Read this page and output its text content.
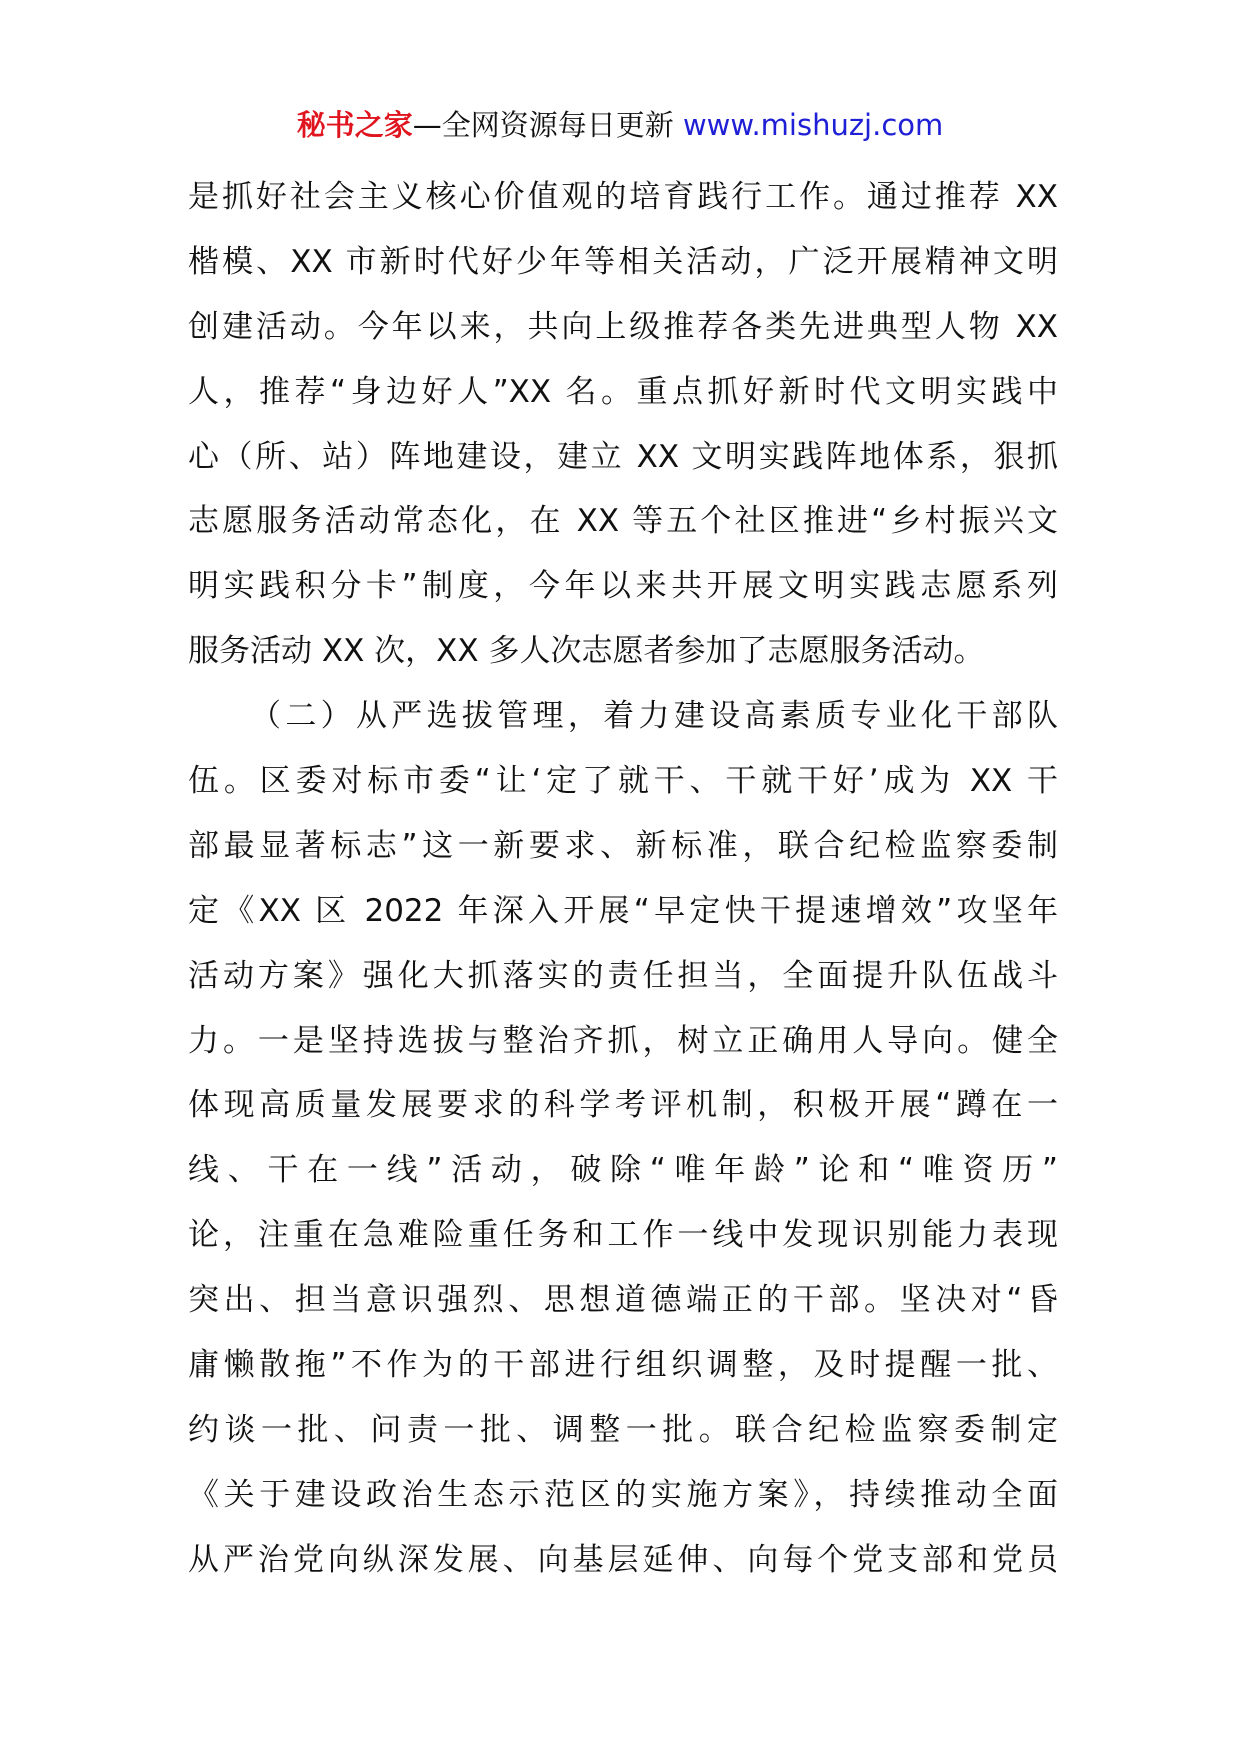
秘书之家—全网资源每日更新 www.mishuzj.com
是抓好社会主义核心价值观的培育践行工作。通过推荐 XX
楷模、XX 市新时代好少年等相关活动，广泛开展精神文明
创建活动。今年以来，共向上级推荐各类先进典型人物 XX
人，推荐“身边好人”XX 名。重点抓好新时代文明实践中
心（所、站）阵地建设，建立 XX 文明实践阵地体系，狠抓
志愿服务活动常态化，在 XX 等五个社区推进“乡村振兴文
明实践积分卡”制度，今年以来共开展文明实践志愿系列
服务活动 XX 次，XX 多人次志愿者参加了志愿服务活动。
（二）从严选拔管理，着力建设高素质专业化干部队
伍。区委对标市委“让‘定了就干、干就干好’成为 XX 干
部最显著标志”这一新要求、新标准，联合纪检监察委制
定《XX 区 2022 年深入开展“早定快干提速增效”攻坚年
活动方案》强化大抓落实的责任担当，全面提升队伍战斗
力。一是坚持选拔与整治齐抓，树立正确用人导向。健全
体现高质量发展要求的科学考评机制，积极开展“蹲在一
线、干在一线”活动，破除“唯年龄”论和“唯资历”
论，注重在急难险重任务和工作一线中发现识别能力表现
突出、担当意识强烈、思想道德端正的干部。坚决对“昏
庸懒散拖”不作为的干部进行组织调整，及时提醒一批、
约谈一批、问责一批、调整一批。联合纪检监察委制定
《关于建设政治生态示范区的实施方案》，持续推动全面
从严治党向纵深发展、向基层延伸、向每个党支部和党员
